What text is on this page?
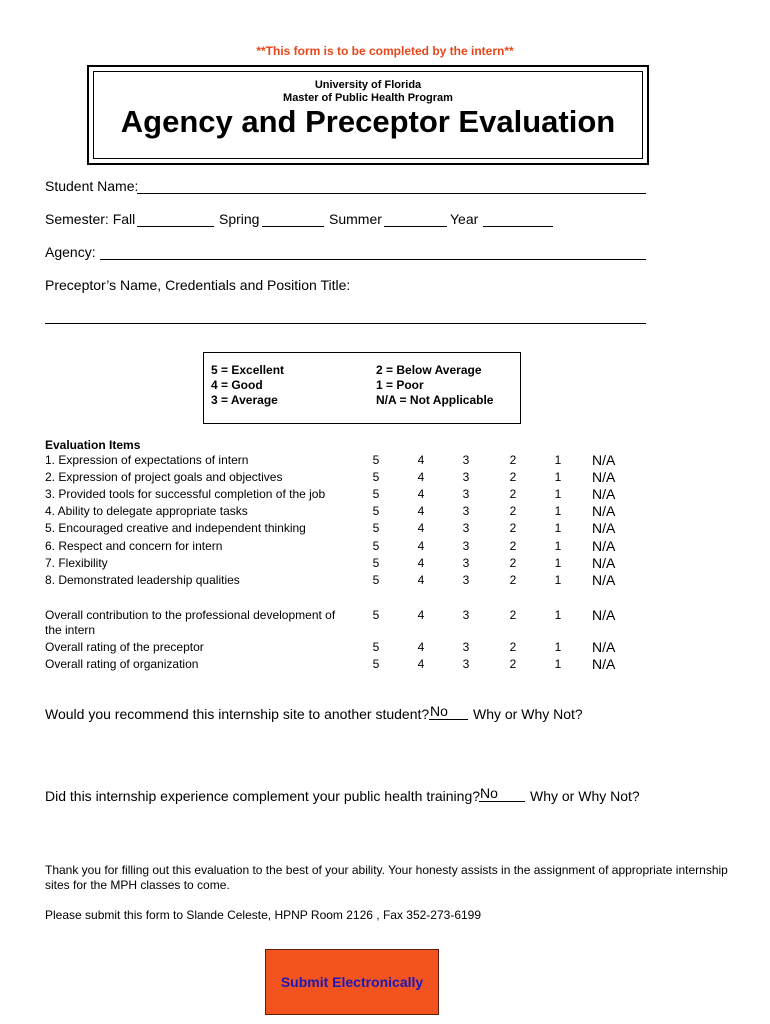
**This form is to be completed by the intern**
University of Florida
Master of Public Health Program
Agency and Preceptor Evaluation
Student Name:
Semester: Fall	Spring	Summer	Year
Agency:
Preceptor’s Name, Credentials and Position Title:
5 = Excellent
4 = Good
3 = Average
2 = Below Average
1 = Poor
N/A = Not Applicable
Evaluation Items
1. Expression of expectations of intern	5	4	3	2	1	N/A
2. Expression of project goals and objectives	5	4	3	2	1	N/A
3. Provided tools for successful completion of the job	5	4	3	2	1	N/A
4. Ability to delegate appropriate tasks	5	4	3	2	1	N/A
5. Encouraged creative and independent thinking	5	4	3	2	1	N/A
6. Respect and concern for intern	5	4	3	2	1	N/A
7. Flexibility	5	4	3	2	1	N/A
8. Demonstrated leadership qualities	5	4	3	2	1	N/A
Overall contribution to the professional development of the intern
5	4	3	2	1	N/A
Overall rating of the preceptor	5	4	3	2	1	N/A
Overall rating of organization	5	4	3	2	1	N/A
Would you recommend this internship site to another student? No Why or Why Not?
Did this internship experience complement your public health training? No Why or Why Not?
Thank you for filling out this evaluation to the best of your ability. Your honesty assists in the assignment of appropriate internship sites for the MPH classes to come.
Please submit this form to Slande Celeste, HPNP Room 2126 , Fax 352-273-6199
Submit Electronically
